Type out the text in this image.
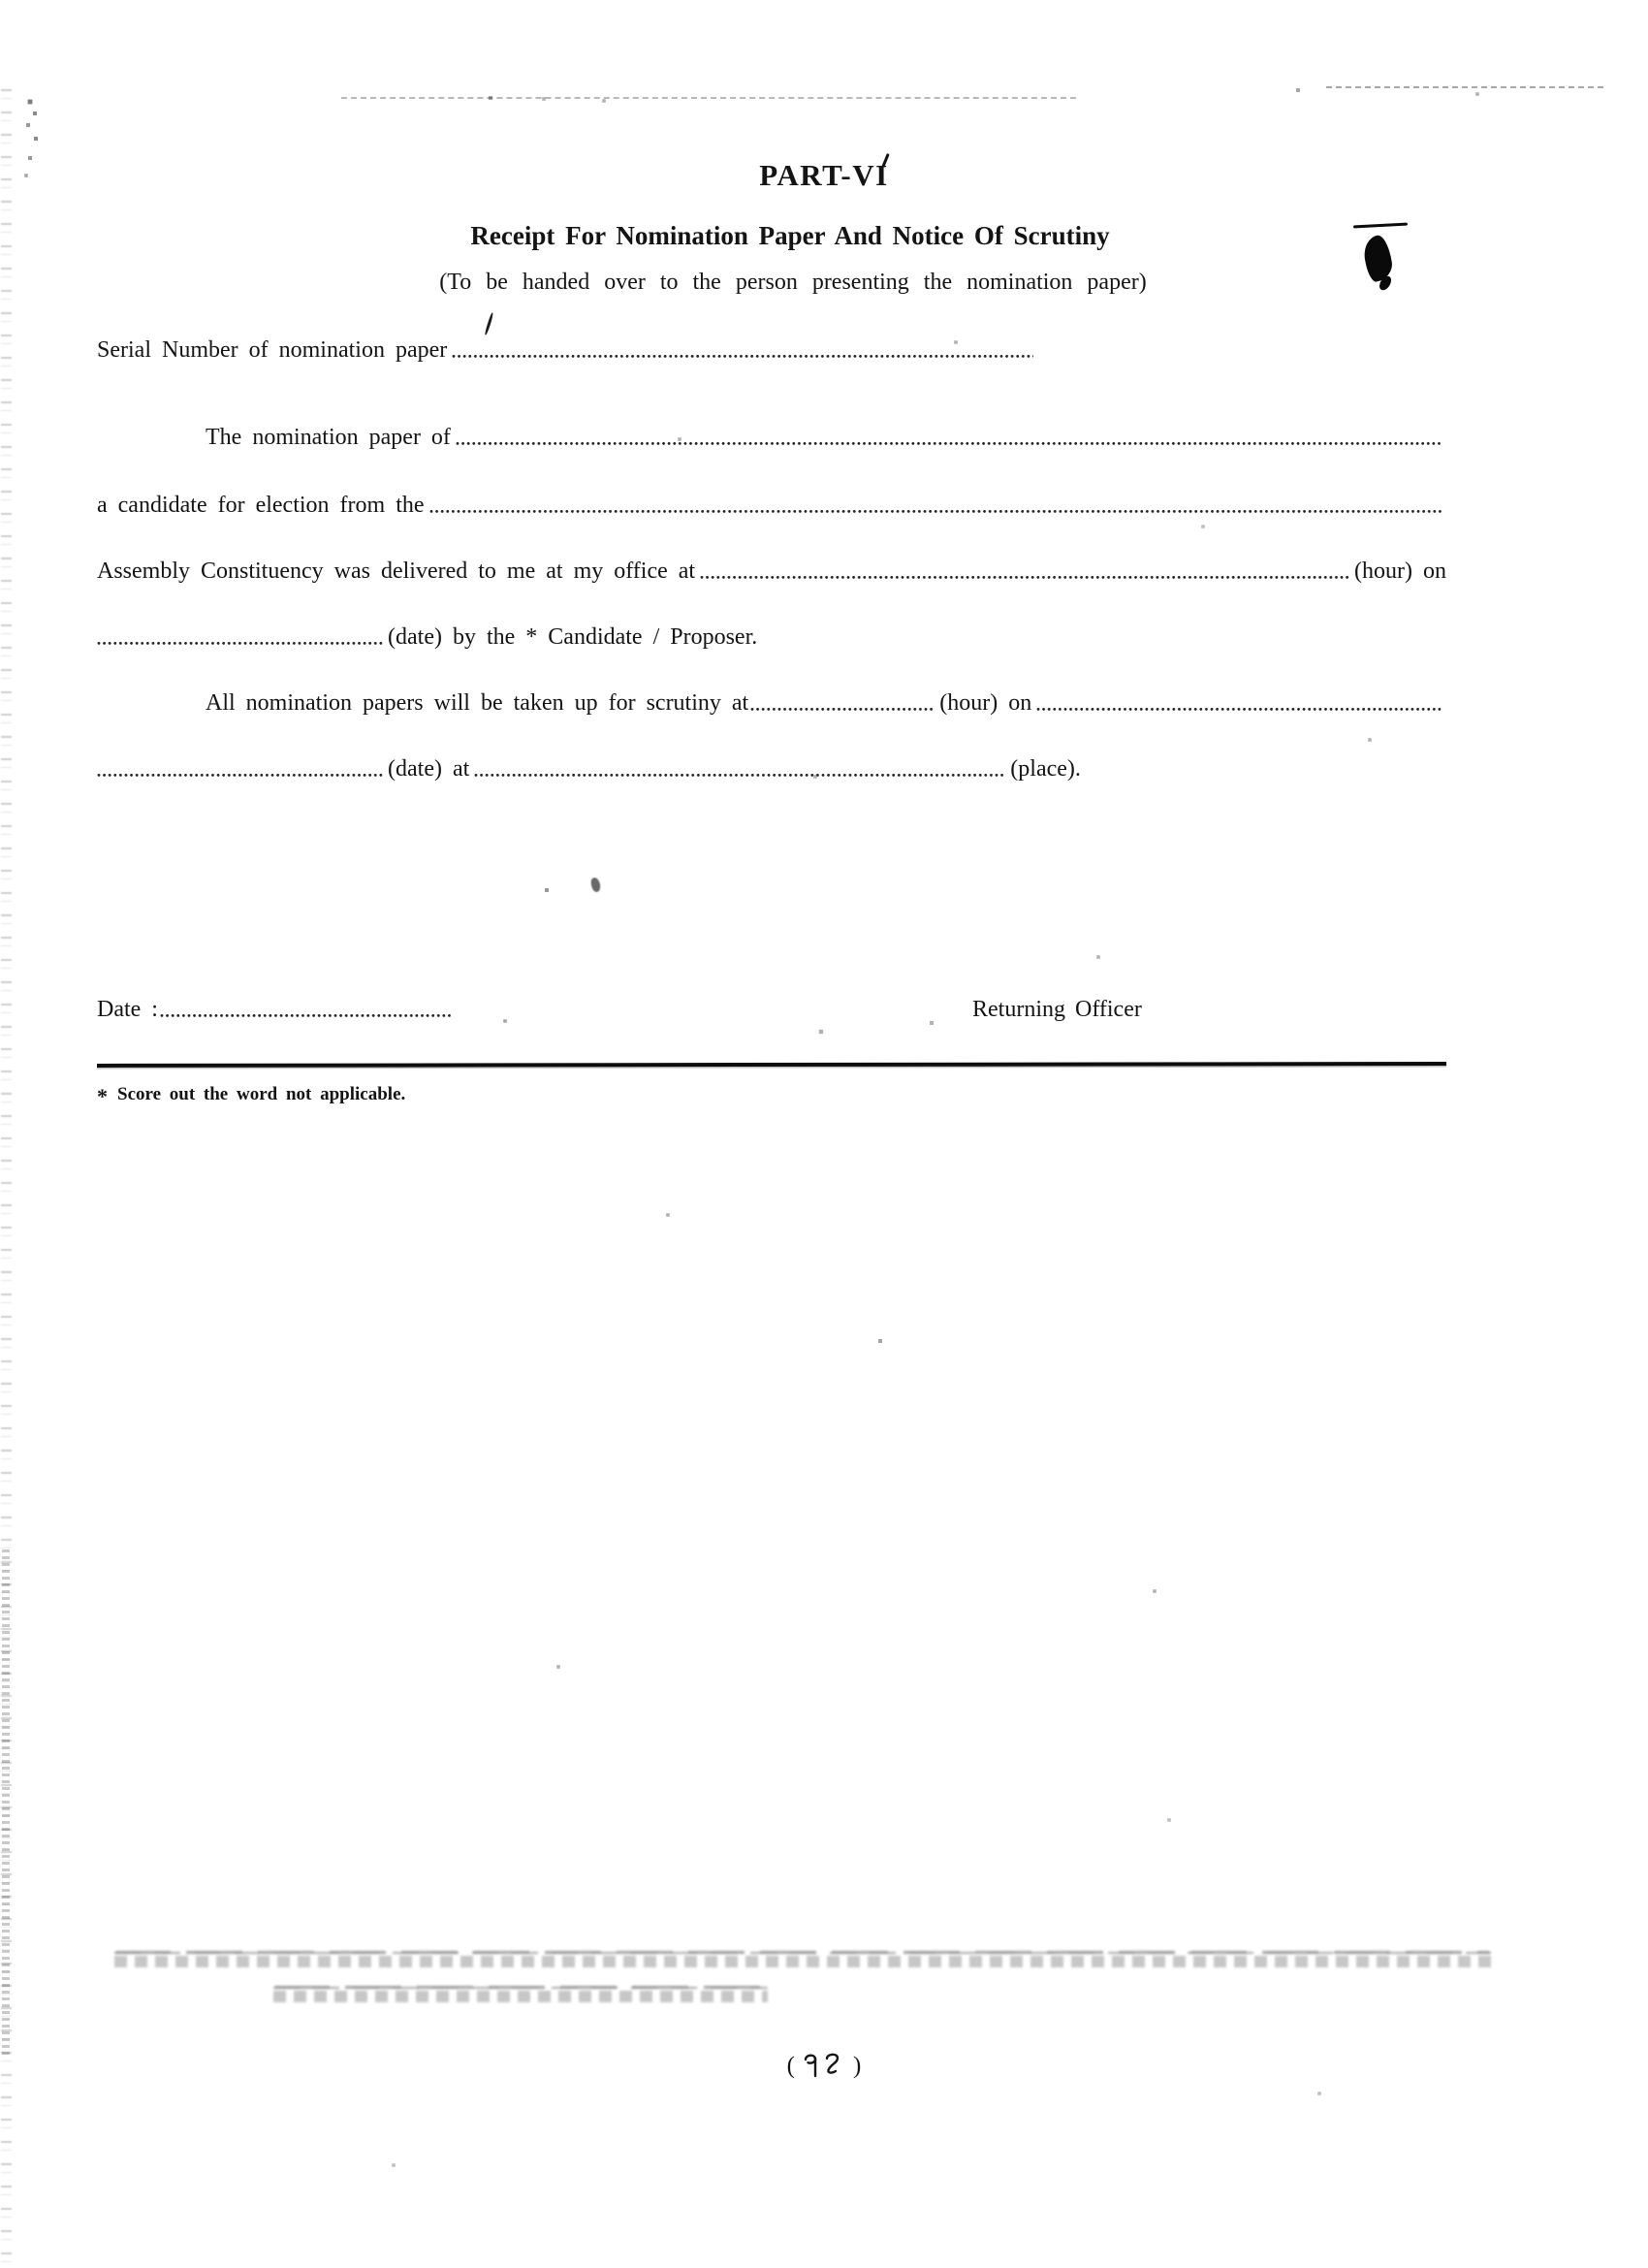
PART-VI
Receipt For Nomination Paper And Notice Of Scrutiny
(To be handed over to the person presenting the nomination paper)
Serial Number of nomination paper
The nomination paper of
a candidate for election from the
Assembly Constituency was delivered to me at my office at	(hour) on
(date) by the * Candidate / Proposer.
All nomination papers will be taken up for scrutiny at	(hour) on
(date) at	(place).
Date :	Returning Officer
* Score out the word not applicable.
( )
